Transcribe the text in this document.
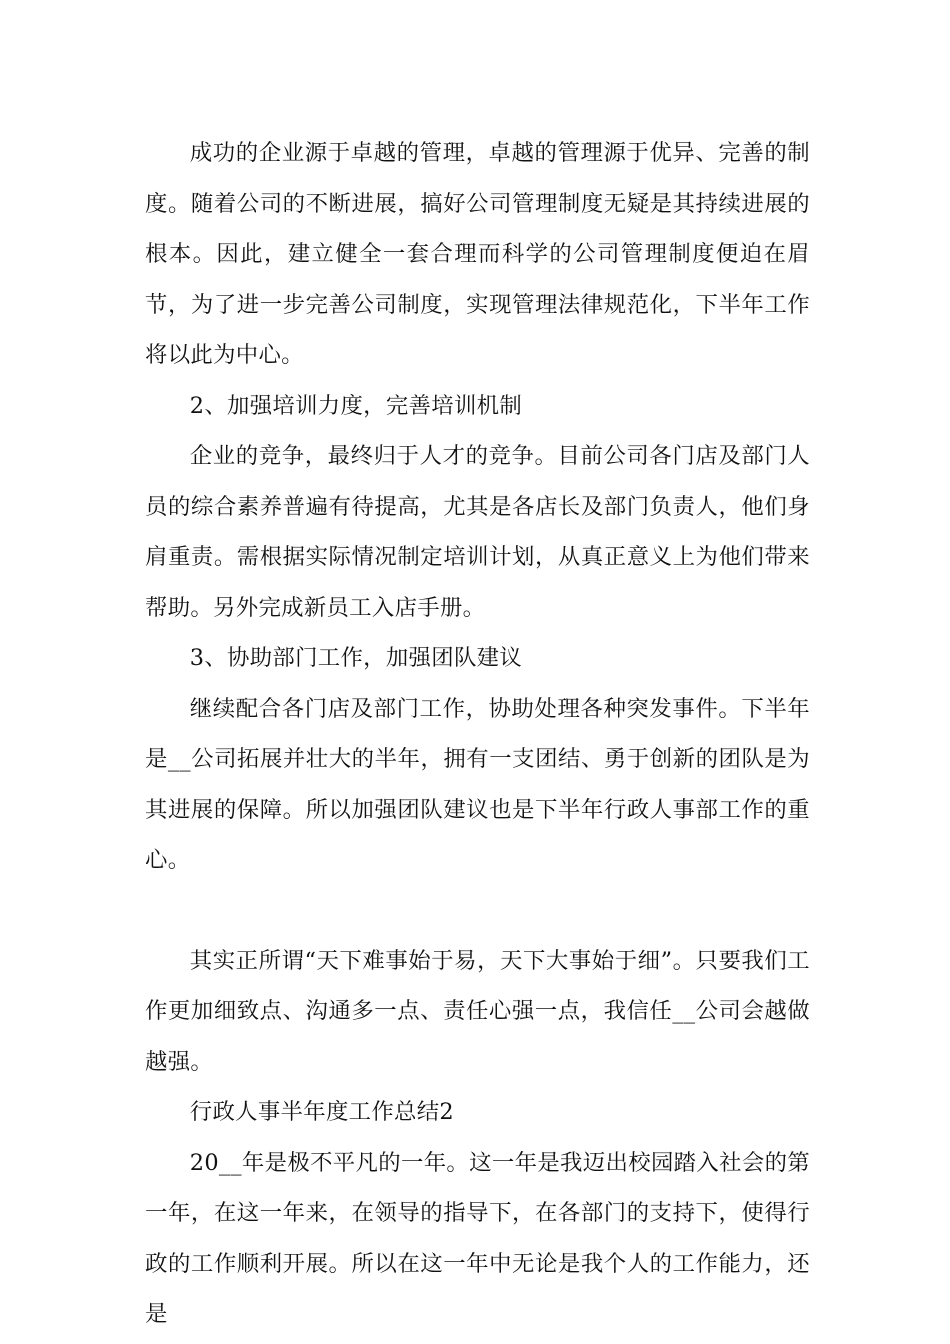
成功的企业源于卓越的管理，卓越的管理源于优异、完善的制度。随着公司的不断进展，搞好公司管理制度无疑是其持续进展的根本。因此，建立健全一套合理而科学的公司管理制度便迫在眉节，为了进一步完善公司制度，实现管理法律规范化，下半年工作将以此为中心。

2、加强培训力度，完善培训机制

企业的竞争，最终归于人才的竞争。目前公司各门店及部门人员的综合素养普遍有待提高，尤其是各店长及部门负责人，他们身肩重责。需根据实际情况制定培训计划，从真正意义上为他们带来帮助。另外完成新员工入店手册。

3、协助部门工作，加强团队建议

继续配合各门店及部门工作，协助处理各种突发事件。下半年是__公司拓展并壮大的半年，拥有一支团结、勇于创新的团队是为其进展的保障。所以加强团队建议也是下半年行政人事部工作的重心。

其实正所谓“天下难事始于易，天下大事始于细”。只要我们工作更加细致点、沟通多一点、责任心强一点，我信任__公司会越做越强。

行政人事半年度工作总结2

20__年是极不平凡的一年。这一年是我迈出校园踏入社会的第一年，在这一年来，在领导的指导下，在各部门的支持下，使得行政的工作顺利开展。所以在这一年中无论是我个人的工作能力，还是
